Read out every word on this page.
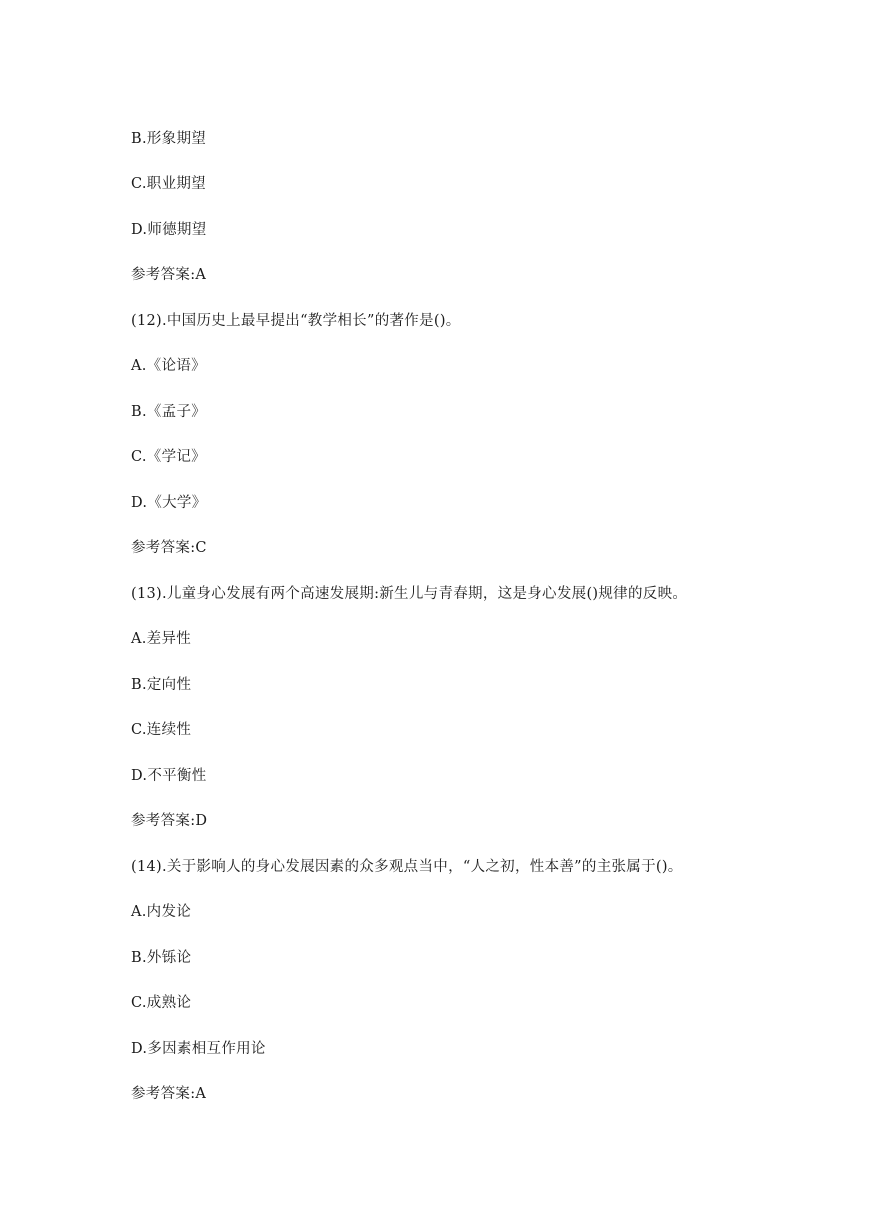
B.形象期望
C.职业期望
D.师德期望
参考答案:A
(12).中国历史上最早提出“教学相长”的著作是()。
A.《论语》
B.《孟子》
C.《学记》
D.《大学》
参考答案:C
(13).儿童身心发展有两个高速发展期:新生儿与青春期，这是身心发展()规律的反映。
A.差异性
B.定向性
C.连续性
D.不平衡性
参考答案:D
(14).关于影响人的身心发展因素的众多观点当中，“人之初，性本善”的主张属于()。
A.内发论
B.外铄论
C.成熟论
D.多因素相互作用论
参考答案:A
